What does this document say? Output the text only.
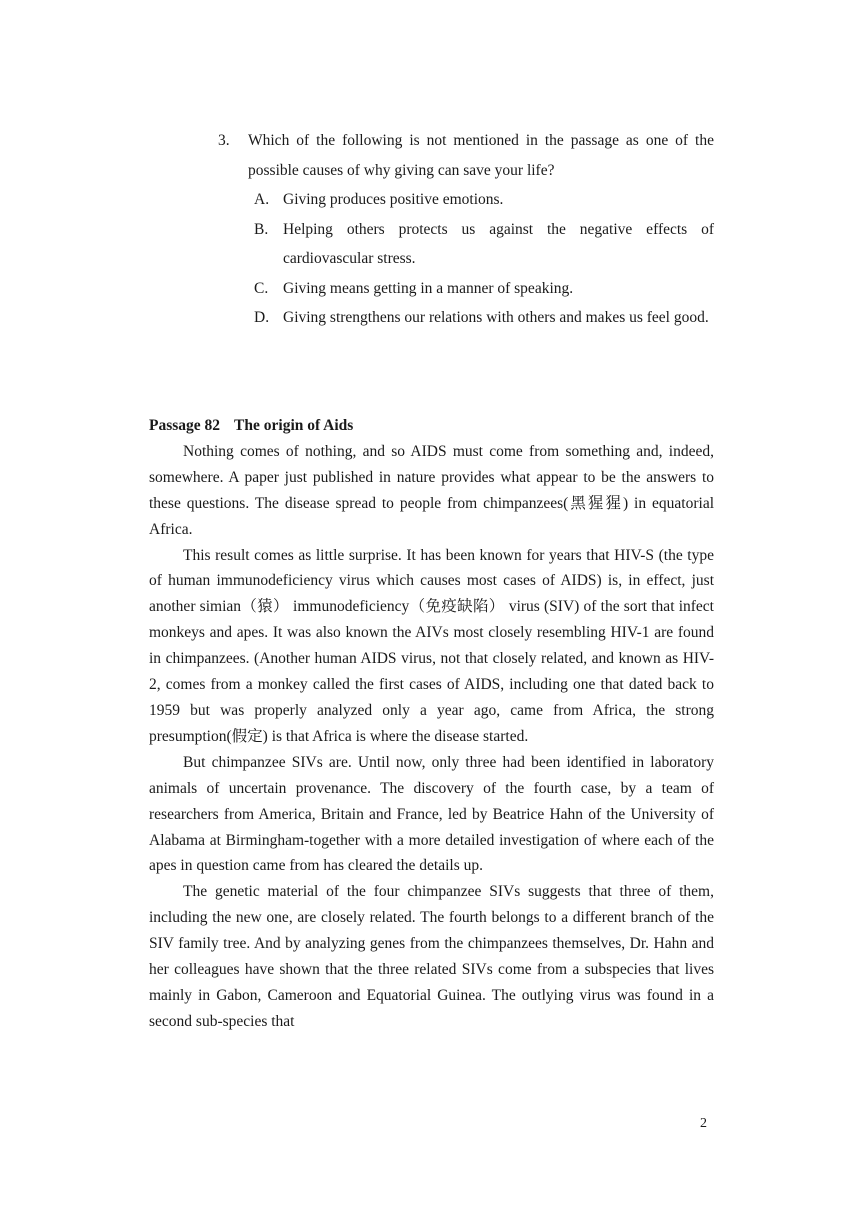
3.	Which of the following is not mentioned in the passage as one of the possible causes of why giving can save your life?
A. Giving produces positive emotions.
B. Helping others protects us against the negative effects of cardiovascular stress.
C. Giving means getting in a manner of speaking.
D. Giving strengthens our relations with others and makes us feel good.

Passage 82 The origin of Aids

Nothing comes of nothing, and so AIDS must come from something and, indeed, somewhere. A paper just published in nature provides what appear to be the answers to these questions. The disease spread to people from chimpanzees(黑猩猩) in equatorial Africa.

This result comes as little surprise. It has been known for years that HIV-S (the type of human immunodeficiency virus which causes most cases of AIDS) is, in effect, just another simian（猿） immunodeficiency（免疫缺陷） virus (SIV) of the sort that infect monkeys and apes. It was also known the AIVs most closely resembling HIV-1 are found in chimpanzees. (Another human AIDS virus, not that closely related, and known as HIV-2, comes from a monkey called the first cases of AIDS, including one that dated back to 1959 but was properly analyzed only a year ago, came from Africa, the strong presumption(假定) is that Africa is where the disease started.

But chimpanzee SIVs are. Until now, only three had been identified in laboratory animals of uncertain provenance. The discovery of the fourth case, by a team of researchers from America, Britain and France, led by Beatrice Hahn of the University of Alabama at Birmingham-together with a more detailed investigation of where each of the apes in question came from has cleared the details up.

The genetic material of the four chimpanzee SIVs suggests that three of them, including the new one, are closely related. The fourth belongs to a different branch of the SIV family tree. And by analyzing genes from the chimpanzees themselves, Dr. Hahn and her colleagues have shown that the three related SIVs come from a subspecies that lives mainly in Gabon, Cameroon and Equatorial Guinea. The outlying virus was found in a second sub-species that

2
